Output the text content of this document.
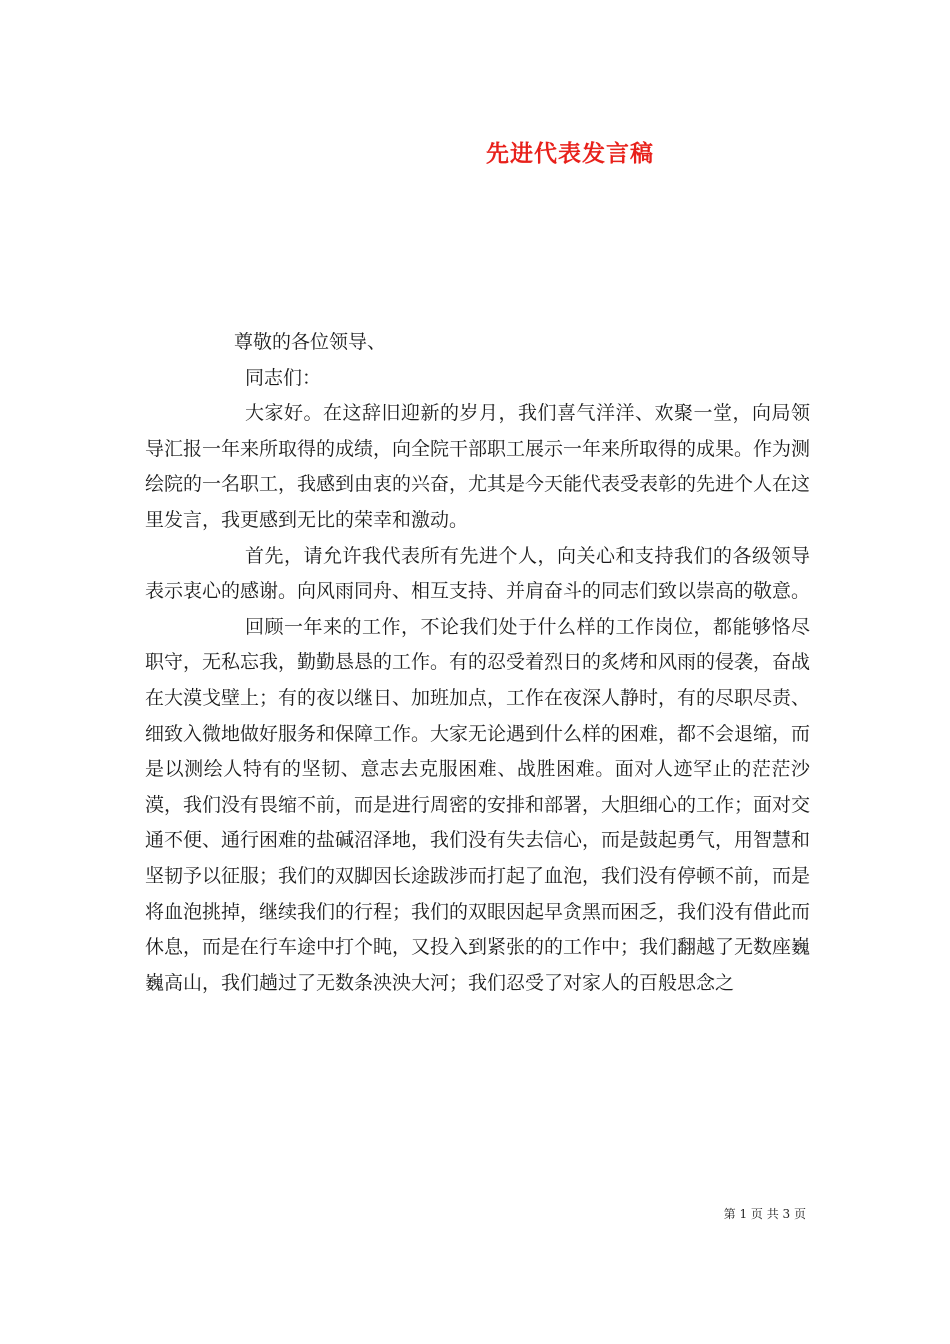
先进代表发言稿

尊敬的各位领导、

同志们：

大家好。在这辞旧迎新的岁月，我们喜气洋洋、欢聚一堂，向局领导汇报一年来所取得的成绩，向全院干部职工展示一年来所取得的成果。作为测绘院的一名职工，我感到由衷的兴奋，尤其是今天能代表受表彰的先进个人在这里发言，我更感到无比的荣幸和激动。

首先，请允许我代表所有先进个人，向关心和支持我们的各级领导表示衷心的感谢。向风雨同舟、相互支持、并肩奋斗的同志们致以崇高的敬意。

回顾一年来的工作，不论我们处于什么样的工作岗位，都能够恪尽职守，无私忘我，勤勤恳恳的工作。有的忍受着烈日的炙烤和风雨的侵袭，奋战在大漠戈壁上；有的夜以继日、加班加点，工作在夜深人静时，有的尽职尽责、细致入微地做好服务和保障工作。大家无论遇到什么样的困难，都不会退缩，而是以测绘人特有的坚韧、意志去克服困难、战胜困难。面对人迹罕止的茫茫沙漠，我们没有畏缩不前，而是进行周密的安排和部署，大胆细心的工作；面对交通不便、通行困难的盐碱沼泽地，我们没有失去信心，而是鼓起勇气，用智慧和坚韧予以征服；我们的双脚因长途跋涉而打起了血泡，我们没有停顿不前，而是将血泡挑掉，继续我们的行程；我们的双眼因起早贪黑而困乏，我们没有借此而休息，而是在行车途中打个盹，又投入到紧张的的工作中；我们翻越了无数座巍巍高山，我们趟过了无数条泱泱大河；我们忍受了对家人的百般思念之

第 1 页 共 3 页
